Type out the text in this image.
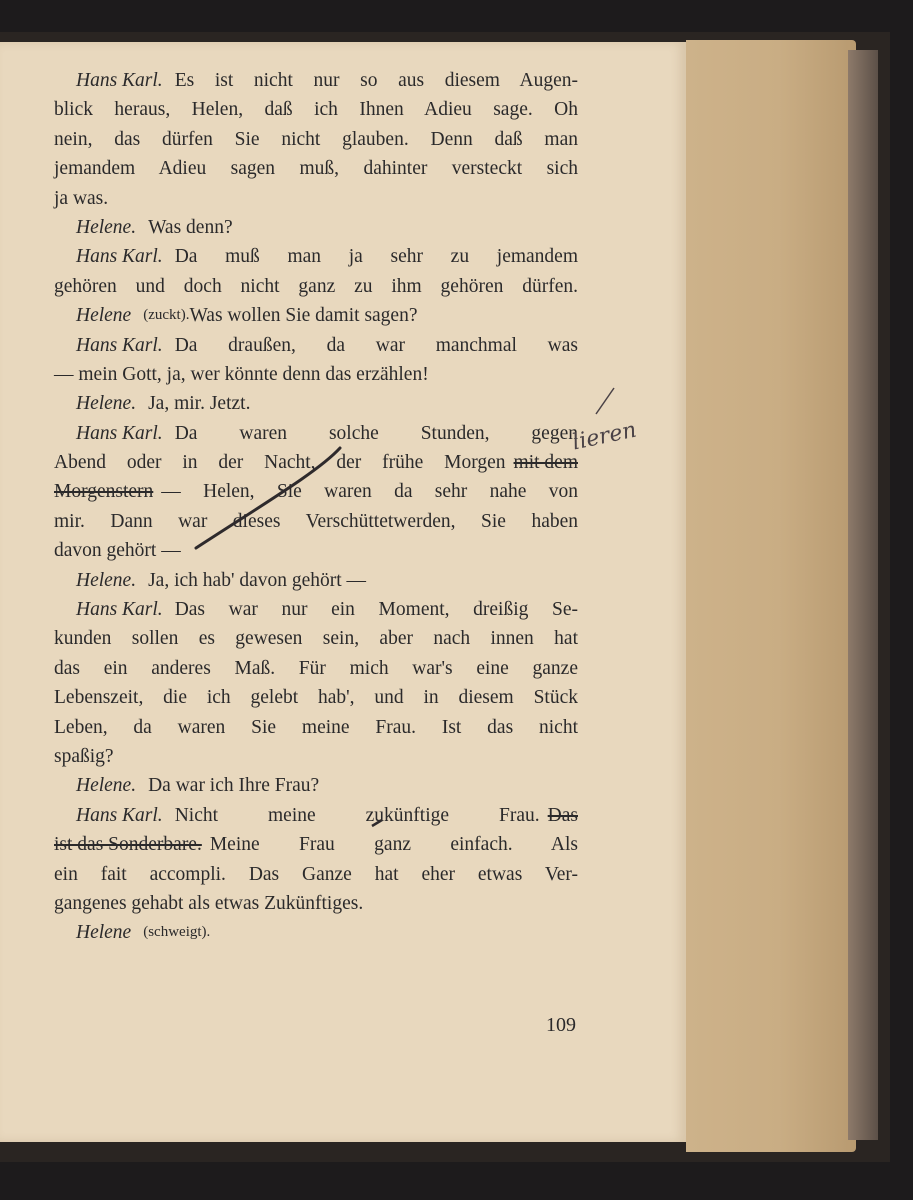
Hans Karl. Es ist nicht nur so aus diesem Augen-
blick heraus, Helen, daß ich Ihnen Adieu sage. Oh
nein, das dürfen Sie nicht glauben. Denn daß man
jemandem Adieu sagen muß, dahinter versteckt sich
ja was.
Helene. Was denn?
Hans Karl. Da muß man ja sehr zu jemandem
gehören und doch nicht ganz zu ihm gehören dürfen.
Helene (zuckt). Was wollen Sie damit sagen?
Hans Karl. Da draußen, da war manchmal was
— mein Gott, ja, wer könnte denn das erzählen!
Helene. Ja, mir. Jetzt.
Hans Karl. Da waren solche Stunden, gegen
Abend oder in der Nacht, der frühe Morgen mit dem
Morgenstern — Helen, Sie waren da sehr nahe von
mir. Dann war dieses Verschüttetwerden, Sie haben
davon gehört —
Helene. Ja, ich hab' davon gehört —
Hans Karl. Das war nur ein Moment, dreißig Se-
kunden sollen es gewesen sein, aber nach innen hat
das ein anderes Maß. Für mich war's eine ganze
Lebenszeit, die ich gelebt hab', und in diesem Stück
Leben, da waren Sie meine Frau. Ist das nicht
spaßig?
Helene. Da war ich Ihre Frau?
Hans Karl. Nicht meine zukünftige Frau. Das
ist das Sonderbare. Meine Frau ganz einfach. Als
ein fait accompli. Das Ganze hat eher etwas Ver-
gangenes gehabt als etwas Zukünftiges.
Helene (schweigt).
lieren
109
